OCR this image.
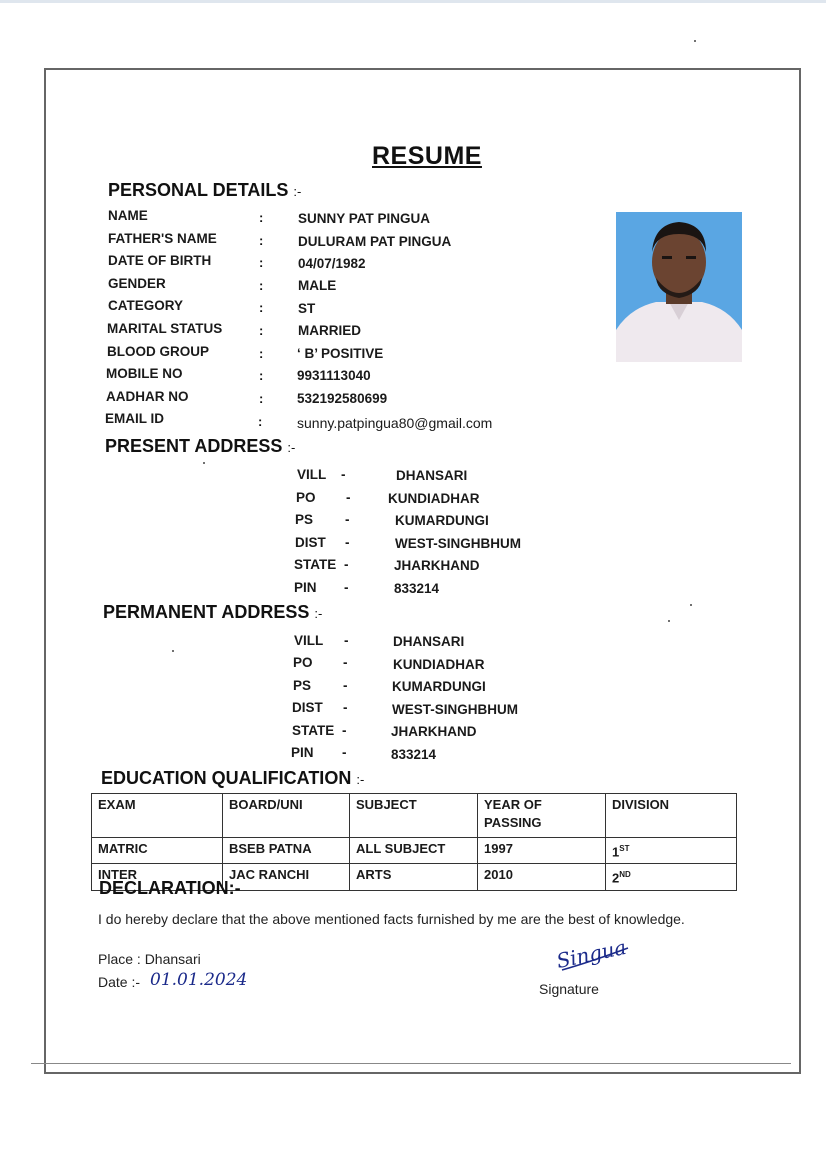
RESUME
PERSONAL DETAILS :-
NAME	:	SUNNY PAT PINGUA
FATHER'S NAME	:	DULURAM PAT PINGUA
DATE OF BIRTH	:	04/07/1982
GENDER	:	MALE
CATEGORY	:	ST
MARITAL STATUS	:	MARRIED
BLOOD GROUP	: ‘ B’ POSITIVE
MOBILE NO	: 9931113040
AADHAR NO	: 532192580699
EMAIL ID	: sunny.patpingua80@gmail.com
PRESENT ADDRESS :-
VILL -	DHANSARI
PO -	KUNDIADHAR
PS -	KUMARDUNGI
DIST -	WEST-SINGHBHUM
STATE -	JHARKHAND
PIN -	833214
PERMANENT ADDRESS :-
VILL -	DHANSARI
PO -	KUNDIADHAR
PS -	KUMARDUNGI
DIST -	WEST-SINGHBHUM
STATE -	JHARKHAND
PIN -	833214
EDUCATION QUALIFICATION :-
EXAM	BOARD/UNI	SUBJECT	YEAR OF PASSING	DIVISION
MATRIC	BSEB PATNA	ALL SUBJECT	1997	1ST
INTER	JAC RANCHI	ARTS	2010	2ND
DECLARATION:-
I do hereby declare that the above mentioned facts furnished by me are the best of knowledge.
Place : Dhansari
Date :- 01.01.2024
Singua
Signature
